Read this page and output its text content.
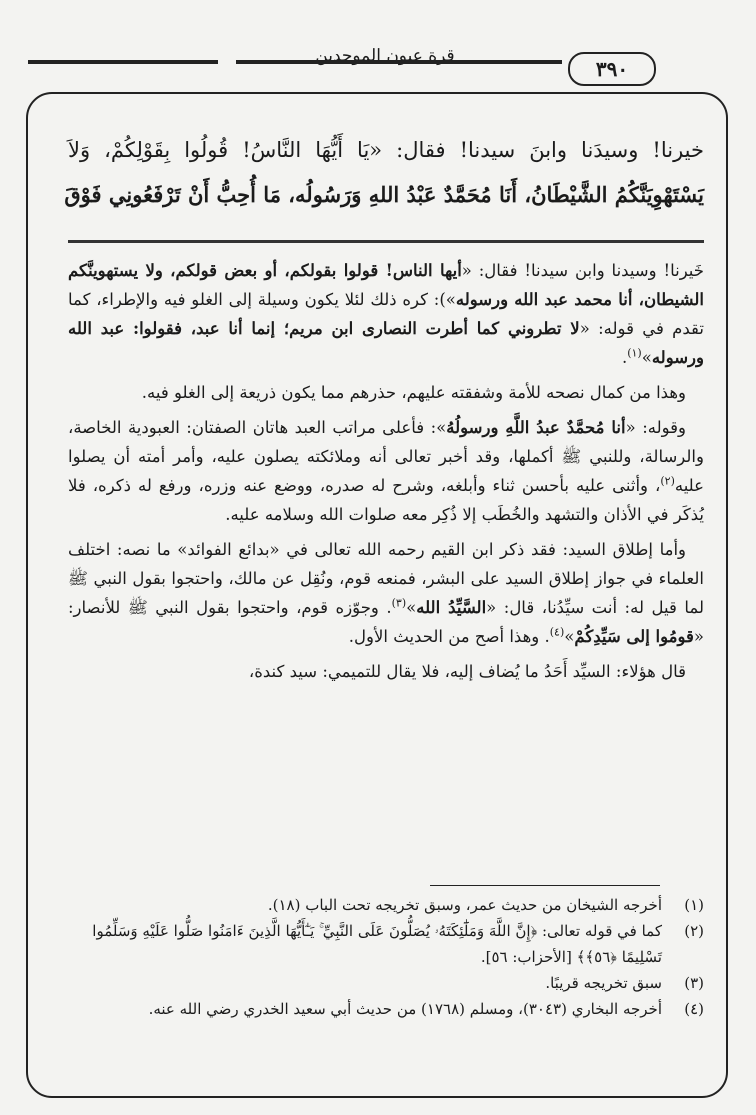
قرة عيون الموحدين
٣٩٠
خيرنا! وسيدَنا وابنَ سيدنا! فقال: «يَا أَيُّهَا النَّاسُ! قُولُوا بِقَوْلِكُمْ، وَلاَ
يَسْتَهْوِيَنَّكُمُ الشَّيْطَانُ، أَنَا مُحَمَّدٌ عَبْدُ اللهِ وَرَسُولُه، مَا أُحِبُّ أَنْ تَرْفَعُونِي فَوْقَ

خَيرنا! وسيدنا وابن سيدنا! فقال: «أيها الناس! قولوا بقولكم، أو بعض قولكم، ولا يستهوينَّكم الشيطان، أنا محمد عبد الله ورسوله»): كره ذلك لئلا يكون وسيلة إلى الغلو فيه والإطراء، كما تقدم في قوله: «لا تطروني كما أطرت النصارى ابن مريم؛ إنما أنا عبد، فقولوا: عبد الله ورسوله»$^{(١)}$.

وهذا من كمال نصحه للأمة وشفقته عليهم، حذرهم مما يكون ذريعة إلى الغلو فيه.

وقوله: «أنا مُحمَّدٌ عبدُ اللَّهِ ورسولُهُ»: فأعلى مراتب العبد هاتان الصفتان: العبودية الخاصة، والرسالة، وللنبي ﷺ أكملها، وقد أخبر تعالى أنه وملائكته يصلون عليه، وأمر أمته أن يصلوا عليه$^{(٢)}$، وأثنى عليه بأحسن ثناء وأبلغه، وشرح له صدره، ووضع عنه وزره، ورفع له ذكره، فلا يُذكَر في الأذان والتشهد والخُطَب إلا ذُكِر معه صلوات الله وسلامه عليه.

وأما إطلاق السيد: فقد ذكر ابن القيم رحمه الله تعالى في «بدائع الفوائد» ما نصه: اختلف العلماء في جواز إطلاق السيد على البشر، فمنعه قوم، ونُقِل عن مالك، واحتجوا بقول النبي ﷺ لما قيل له: أنت سيِّدُنا، قال: «السَّيِّدُ الله»$^{(٣)}$. وجوّزه قوم، واحتجوا بقول النبي ﷺ للأنصار: «قومُوا إلى سَيِّدِكُمْ»$^{(٤)}$. وهذا أصح من الحديث الأول.

قال هؤلاء: السيِّد أَحَدُ ما يُضاف إليه، فلا يقال للتميمي: سيد كندة،

(١)
أخرجه الشيخان من حديث عمر، وسبق تخريجه تحت الباب (١٨).
(٢)
كما في قوله تعالى: ﴿إِنَّ اللَّهَ وَمَلَٰٓئِكَتَهُۥ يُصَلُّونَ عَلَى النَّبِيِّ ۚ يَـٰٓأَيُّهَا الَّذِينَ ءَامَنُوا صَلُّوا عَلَيْهِ وَسَلِّمُوا تَسْلِيمًا ﴿٥٦﴾﴾ [الأحزاب: ٥٦].
(٣)
سبق تخريجه قريبًا.
(٤)
أخرجه البخاري (٣٠٤٣)، ومسلم (١٧٦٨) من حديث أبي سعيد الخدري رضي الله عنه.
